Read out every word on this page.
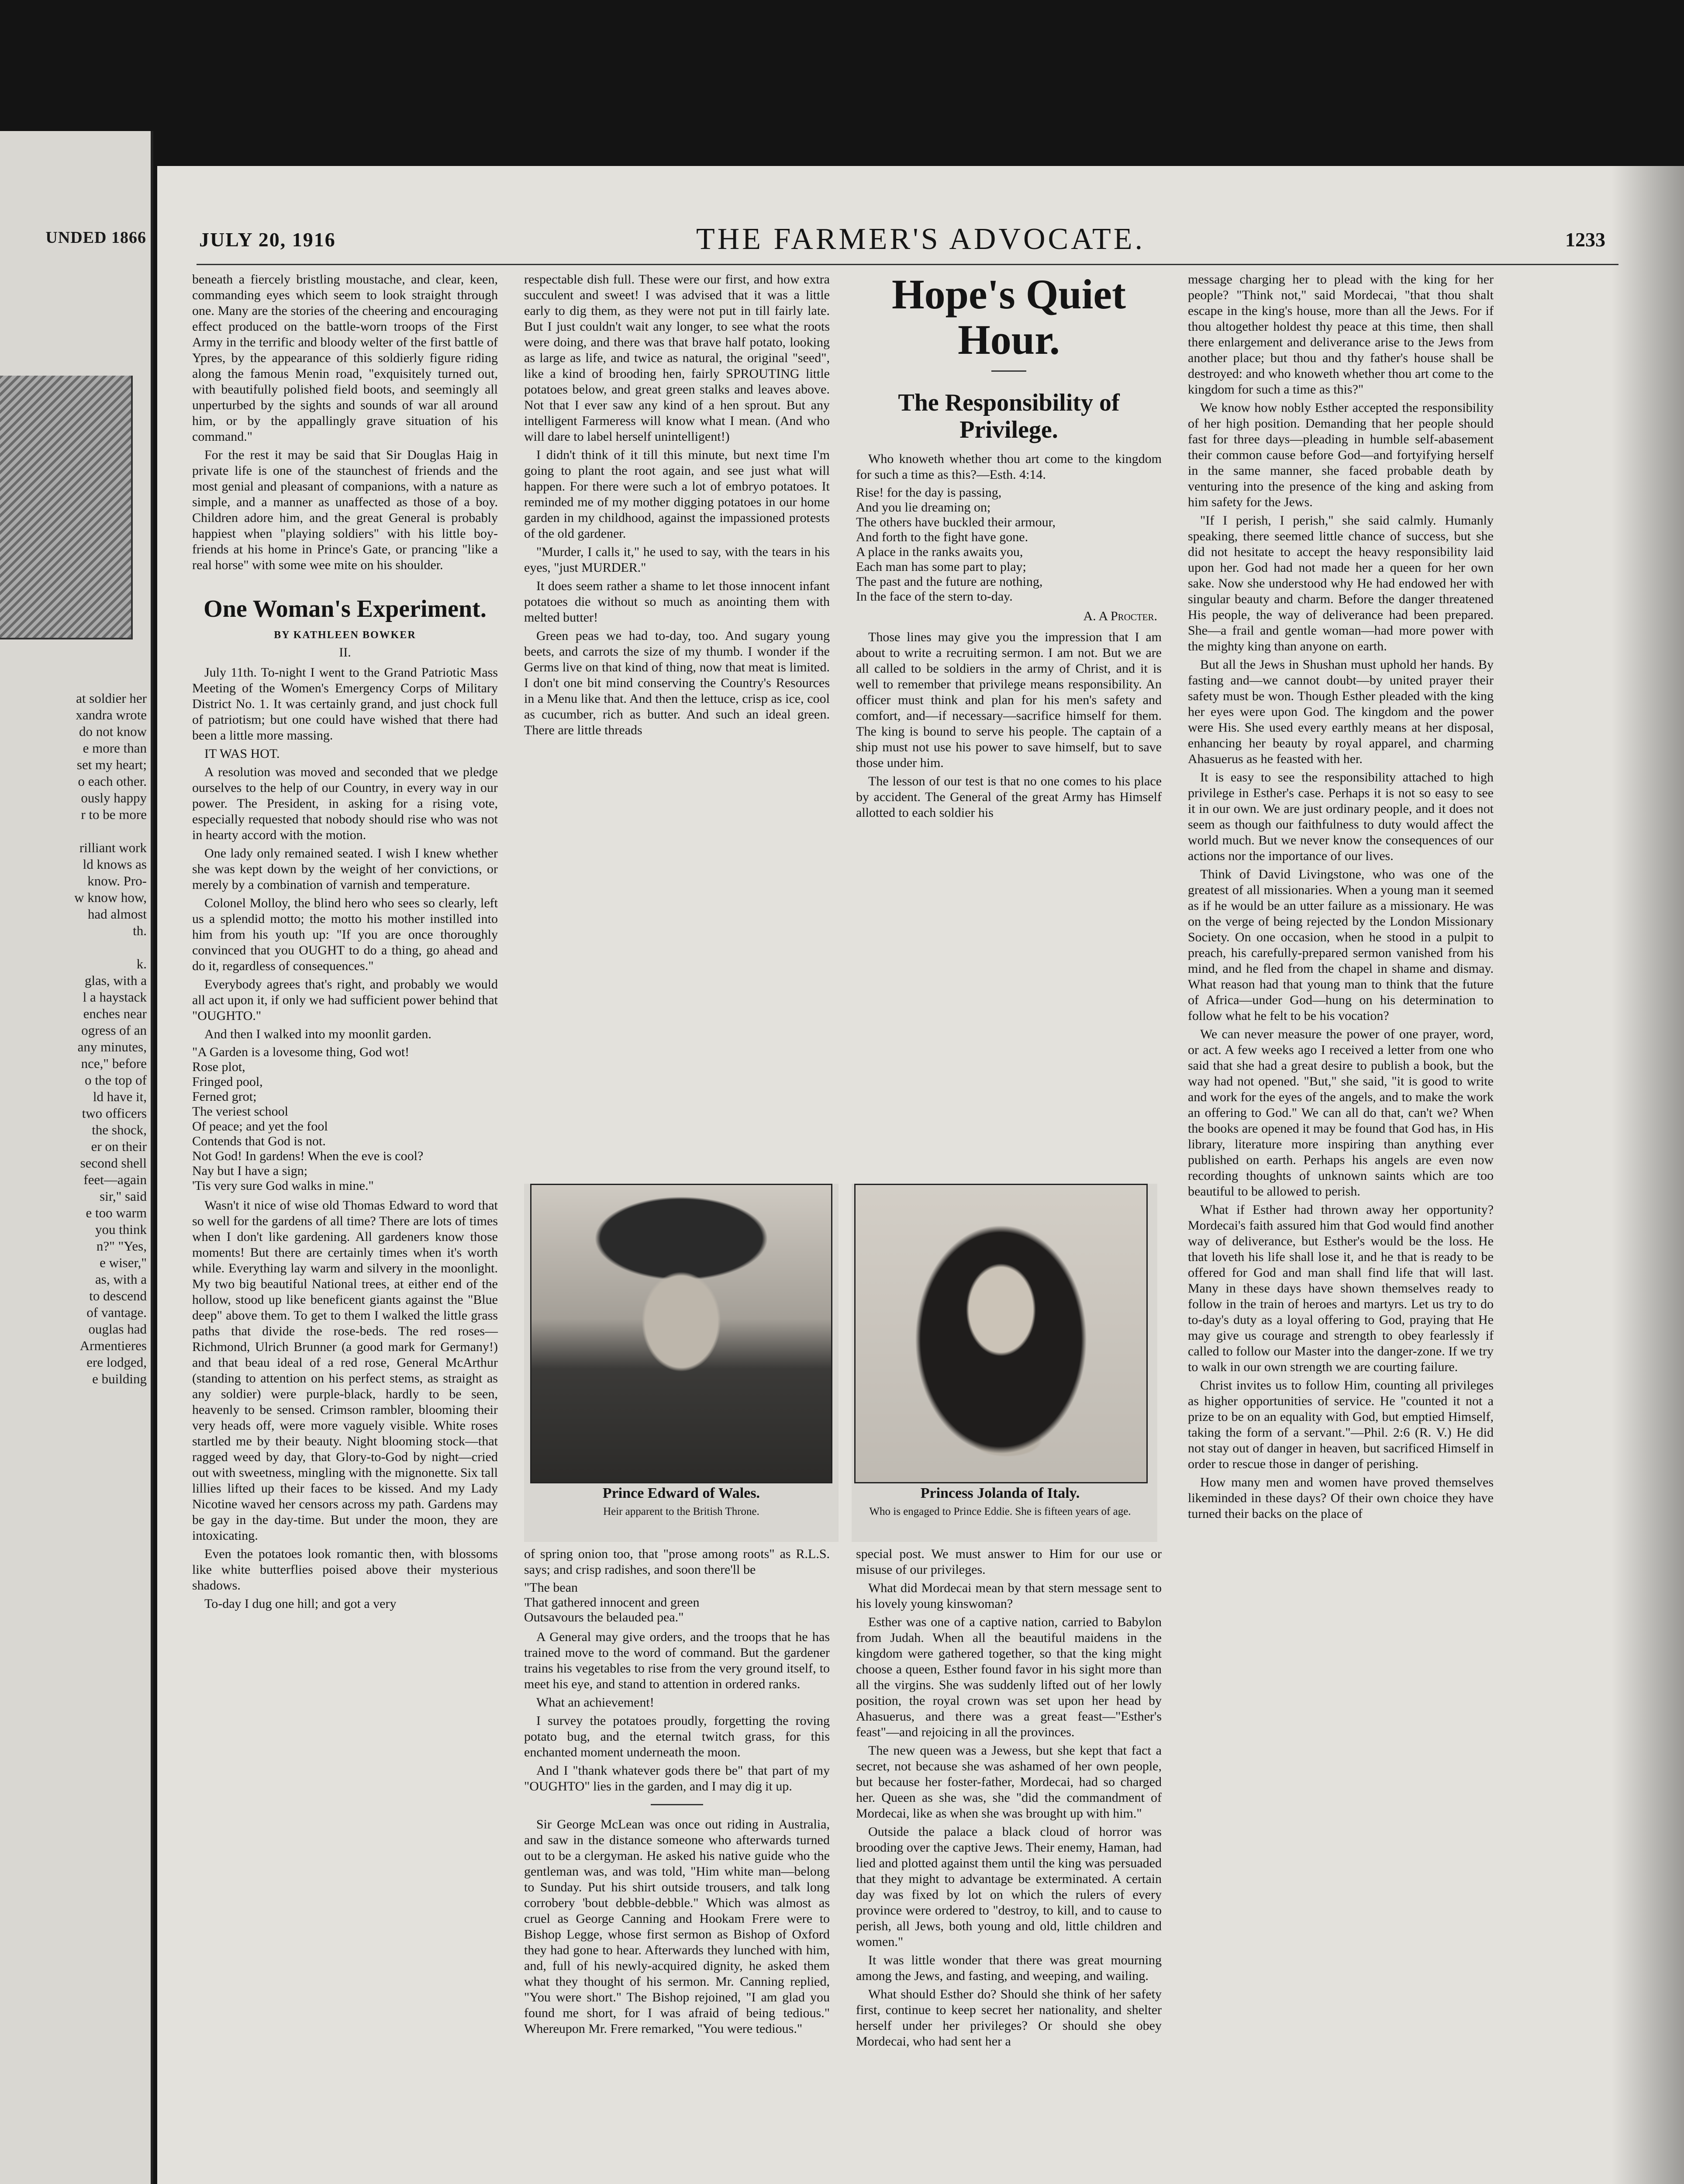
UNDED 1866
at soldier her
xandra wrote
do not know
e more than
set my heart;
o each other.
ously happy
r to be more

rilliant work
ld knows as
know. Pro-
w know how,
had almost
th.

k.
glas, with a
l a haystack
enches near
ogress of an
any minutes,
nce," before
o the top of
ld have it,
two officers
the shock,
er on their
second shell
feet—again
sir," said
e too warm
you think
n?" "Yes,
e wiser,"
as, with a
to descend
of vantage.
ouglas had
Armentieres
ere lodged,
e building
JULY 20, 1916	THE FARMER'S ADVOCATE.	1233

beneath a fiercely bristling moustache, and clear, keen, commanding eyes which seem to look straight through one. Many are the stories of the cheering and encouraging effect produced on the battle-worn troops of the First Army in the terrific and bloody welter of the first battle of Ypres, by the appearance of this soldierly figure riding along the famous Menin road, "exquisitely turned out, with beautifully polished field boots, and seemingly all unperturbed by the sights and sounds of war all around him, or by the appallingly grave situation of his command."

For the rest it may be said that Sir Douglas Haig in private life is one of the staunchest of friends and the most genial and pleasant of companions, with a nature as simple, and a manner as unaffected as those of a boy. Children adore him, and the great General is probably happiest when "playing soldiers" with his little boy-friends at his home in Prince's Gate, or prancing "like a real horse" with some wee mite on his shoulder.

One Woman's Experiment.
BY KATHLEEN BOWKER
II.

July 11th. To-night I went to the Grand Patriotic Mass Meeting of the Women's Emergency Corps of Military District No. 1. It was certainly grand, and just chock full of patriotism; but one could have wished that there had been a little more massing.

IT WAS HOT.

A resolution was moved and seconded that we pledge ourselves to the help of our Country, in every way in our power. The President, in asking for a rising vote, especially requested that nobody should rise who was not in hearty accord with the motion.

One lady only remained seated. I wish I knew whether she was kept down by the weight of her convictions, or merely by a combination of varnish and temperature.

Colonel Molloy, the blind hero who sees so clearly, left us a splendid motto; the motto his mother instilled into him from his youth up: "If you are once thoroughly convinced that you OUGHT to do a thing, go ahead and do it, regardless of consequences."

Everybody agrees that's right, and probably we would all act upon it, if only we had sufficient power behind that "OUGHTO."

And then I walked into my moonlit garden.

"A Garden is a lovesome thing, God wot!
Rose plot,
Fringed pool,
Ferned grot;
The veriest school
Of peace; and yet the fool
Contends that God is not.
Not God! In gardens! When the eve is cool?
Nay but I have a sign;
'Tis very sure God walks in mine."

Wasn't it nice of wise old Thomas Edward to word that so well for the gardens of all time? There are lots of times when I don't like gardening. All gardeners know those moments! But there are certainly times when it's worth while. Everything lay warm and silvery in the moonlight. My two big beautiful National trees, at either end of the hollow, stood up like beneficent giants against the "Blue deep" above them. To get to them I walked the little grass paths that divide the rose-beds. The red roses—Richmond, Ulrich Brunner (a good mark for Germany!) and that beau ideal of a red rose, General McArthur (standing to attention on his perfect stems, as straight as any soldier) were purple-black, hardly to be seen, heavenly to be sensed. Crimson rambler, blooming their very heads off, were more vaguely visible. White roses startled me by their beauty. Night blooming stock—that ragged weed by day, that Glory-to-God by night—cried out with sweetness, mingling with the mignonette. Six tall lillies lifted up their faces to be kissed. And my Lady Nicotine waved her censors across my path. Gardens may be gay in the day-time. But under the moon, they are intoxicating.

Even the potatoes look romantic then, with blossoms like white butterflies poised above their mysterious shadows.

To-day I dug one hill; and got a very

respectable dish full. These were our first, and how extra succulent and sweet! I was advised that it was a little early to dig them, as they were not put in till fairly late. But I just couldn't wait any longer, to see what the roots were doing, and there was that brave half potato, looking as large as life, and twice as natural, the original "seed", like a kind of brooding hen, fairly SPROUTING little potatoes below, and great green stalks and leaves above. Not that I ever saw any kind of a hen sprout. But any intelligent Farmeress will know what I mean. (And who will dare to label herself unintelligent!)

I didn't think of it till this minute, but next time I'm going to plant the root again, and see just what will happen. For there were such a lot of embryo potatoes. It reminded me of my mother digging potatoes in our home garden in my childhood, against the impassioned protests of the old gardener.

"Murder, I calls it," he used to say, with the tears in his eyes, "just MURDER."

It does seem rather a shame to let those innocent infant potatoes die without so much as anointing them with melted butter!

Green peas we had to-day, too. And sugary young beets, and carrots the size of my thumb. I wonder if the Germs live on that kind of thing, now that meat is limited. I don't one bit mind conserving the Country's Resources in a Menu like that. And then the lettuce, crisp as ice, cool as cucumber, rich as butter. And such an ideal green. There are little threads

Hope's Quiet Hour.
The Responsibility of Privilege.

Who knoweth whether thou art come to the kingdom for such a time as this?—Esth. 4:14.

Rise! for the day is passing,
And you lie dreaming on;
The others have buckled their armour,
And forth to the fight have gone.
A place in the ranks awaits you,
Each man has some part to play;
The past and the future are nothing,
In the face of the stern to-day.
A. A Procter.

Those lines may give you the impression that I am about to write a recruiting sermon. I am not. But we are all called to be soldiers in the army of Christ, and it is well to remember that privilege means responsibility. An officer must think and plan for his men's safety and comfort, and—if necessary—sacrifice himself for them. The king is bound to serve his people. The captain of a ship must not use his power to save himself, but to save those under him.

The lesson of our test is that no one comes to his place by accident. The General of the great Army has Himself allotted to each soldier his

message charging her to plead with the king for her people? "Think not," said Mordecai, "that thou shalt escape in the king's house, more than all the Jews. For if thou altogether holdest thy peace at this time, then shall there enlargement and deliverance arise to the Jews from another place; but thou and thy father's house shall be destroyed: and who knoweth whether thou art come to the kingdom for such a time as this?"

We know how nobly Esther accepted the responsibility of her high position. Demanding that her people should fast for three days—pleading in humble self-abasement their common cause before God—and fortyifying herself in the same manner, she faced probable death by venturing into the presence of the king and asking from him safety for the Jews.

"If I perish, I perish," she said calmly. Humanly speaking, there seemed little chance of success, but she did not hesitate to accept the heavy responsibility laid upon her. God had not made her a queen for her own sake. Now she understood why He had endowed her with singular beauty and charm. Before the danger threatened His people, the way of deliverance had been prepared. She—a frail and gentle woman—had more power with the mighty king than anyone on earth.

But all the Jews in Shushan must uphold her hands. By fasting and—we cannot doubt—by united prayer their safety must be won. Though Esther pleaded with the king her eyes were upon God. The kingdom and the power were His. She used every earthly means at her disposal, enhancing her beauty by royal apparel, and charming Ahasuerus as he feasted with her.

It is easy to see the responsibility attached to high privilege in Esther's case. Perhaps it is not so easy to see it in our own. We are just ordinary people, and it does not seem as though our faithfulness to duty would affect the world much. But we never know the consequences of our actions nor the importance of our lives.

Think of David Livingstone, who was one of the greatest of all missionaries. When a young man it seemed as if he would be an utter failure as a missionary. He was on the verge of being rejected by the London Missionary Society. On one occasion, when he stood in a pulpit to preach, his carefully-prepared sermon vanished from his mind, and he fled from the chapel in shame and dismay. What reason had that young man to think that the future of Africa—under God—hung on his determination to follow what he felt to be his vocation?

We can never measure the power of one prayer, word, or act. A few weeks ago I received a letter from one who said that she had a great desire to publish a book, but the way had not opened. "But," she said, "it is good to write and work for the eyes of the angels, and to make the work an offering to God." We can all do that, can't we? When the books are opened it may be found that God has, in His library, literature more inspiring than anything ever published on earth. Perhaps his angels are even now recording thoughts of unknown saints which are too beautiful to be allowed to perish.

What if Esther had thrown away her opportunity? Mordecai's faith assured him that God would find another way of deliverance, but Esther's would be the loss. He that loveth his life shall lose it, and he that is ready to be offered for God and man shall find life that will last. Many in these days have shown themselves ready to follow in the train of heroes and martyrs. Let us try to do to-day's duty as a loyal offering to God, praying that He may give us courage and strength to obey fearlessly if called to follow our Master into the danger-zone. If we try to walk in our own strength we are courting failure.

Christ invites us to follow Him, counting all privileges as higher opportunities of service. He "counted it not a prize to be on an equality with God, but emptied Himself, taking the form of a servant."—Phil. 2:6 (R. V.) He did not stay out of danger in heaven, but sacrificed Himself in order to rescue those in danger of perishing.

How many men and women have proved themselves likeminded in these days? Of their own choice they have turned their backs on the place of

Prince Edward of Wales.
Heir apparent to the British Throne.
Princess Jolanda of Italy.
Who is engaged to Prince Eddie. She is fifteen years of age.

of spring onion too, that "prose among roots" as R.L.S. says; and crisp radishes, and soon there'll be

"The bean
That gathered innocent and green
Outsavours the belauded pea."

A General may give orders, and the troops that he has trained move to the word of command. But the gardener trains his vegetables to rise from the very ground itself, to meet his eye, and stand to attention in ordered ranks.

What an achievement!

I survey the potatoes proudly, forgetting the roving potato bug, and the eternal twitch grass, for this enchanted moment underneath the moon.

And I "thank whatever gods there be" that part of my "OUGHTO" lies in the garden, and I may dig it up.

Sir George McLean was once out riding in Australia, and saw in the distance someone who afterwards turned out to be a clergyman. He asked his native guide who the gentleman was, and was told, "Him white man—belong to Sunday. Put his shirt outside trousers, and talk long corrobery 'bout debble-debble." Which was almost as cruel as George Canning and Hookam Frere were to Bishop Legge, whose first sermon as Bishop of Oxford they had gone to hear. Afterwards they lunched with him, and, full of his newly-acquired dignity, he asked them what they thought of his sermon. Mr. Canning replied, "You were short." The Bishop rejoined, "I am glad you found me short, for I was afraid of being tedious." Whereupon Mr. Frere remarked, "You were tedious."

special post. We must answer to Him for our use or misuse of our privileges.

What did Mordecai mean by that stern message sent to his lovely young kinswoman?

Esther was one of a captive nation, carried to Babylon from Judah. When all the beautiful maidens in the kingdom were gathered together, so that the king might choose a queen, Esther found favor in his sight more than all the virgins. She was suddenly lifted out of her lowly position, the royal crown was set upon her head by Ahasuerus, and there was a great feast—"Esther's feast"—and rejoicing in all the provinces.

The new queen was a Jewess, but she kept that fact a secret, not because she was ashamed of her own people, but because her foster-father, Mordecai, had so charged her. Queen as she was, she "did the commandment of Mordecai, like as when she was brought up with him."

Outside the palace a black cloud of horror was brooding over the captive Jews. Their enemy, Haman, had lied and plotted against them until the king was persuaded that they might to advantage be exterminated. A certain day was fixed by lot on which the rulers of every province were ordered to "destroy, to kill, and to cause to perish, all Jews, both young and old, little children and women."

It was little wonder that there was great mourning among the Jews, and fasting, and weeping, and wailing.

What should Esther do? Should she think of her safety first, continue to keep secret her nationality, and shelter herself under her privileges? Or should she obey Mordecai, who had sent her a
